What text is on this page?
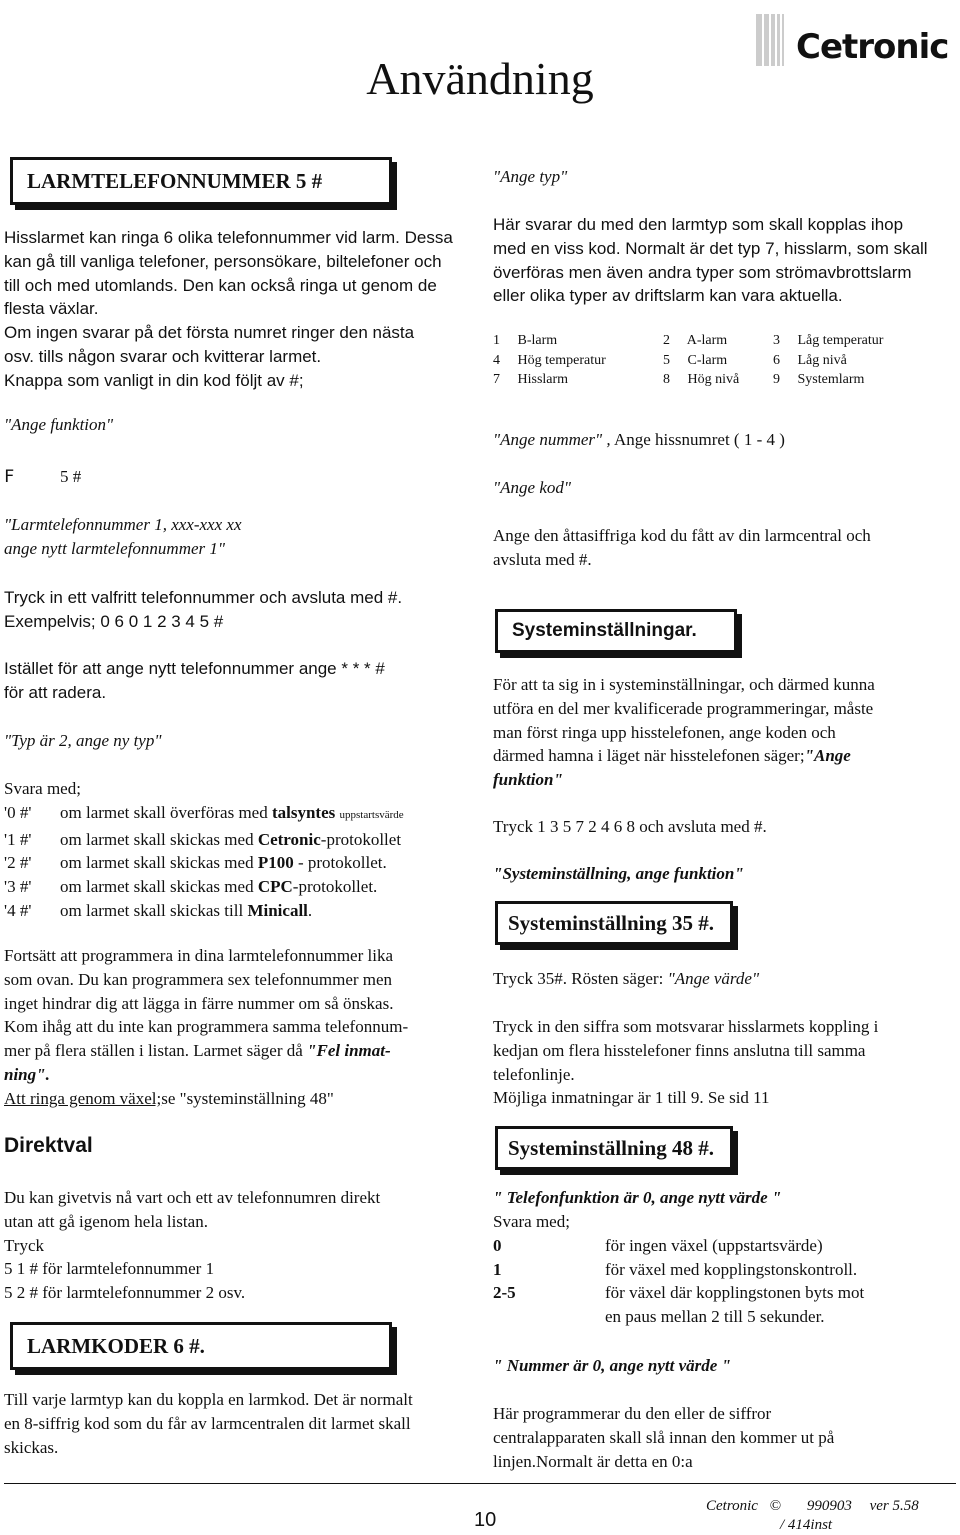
Cetronic
Användning
LARMTELEFONNUMMER 5 #

Hisslarmet kan ringa 6 olika telefonnummer vid larm. Dessa

kan gå till vanliga telefoner, personsökare, biltelefoner och

till och med utomlands. Den kan också ringa ut genom de

flesta växlar.

Om ingen svarar på det första numret ringer den nästa

osv. tills någon svarar och kvitterar larmet.

Knappa som vanligt in din kod följt av #;

"Ange funktion"
F	5 #

"Larmtelefonnummer 1, xxx-xxx xx

ange nytt larmtelefonnummer 1"

Tryck in ett valfritt telefonnummer och avsluta med #.

Exempelvis; 0 6 0 1 2 3 4 5 #

Istället för att ange nytt telefonnummer ange * * * #

för att radera.

"Typ är 2, ange ny typ"

Svara med;

'0 #'	om larmet skall överföras med talsyntes uppstartsvärde
'1 #'	om larmet skall skickas med Cetronic-protokollet
'2 #'	om larmet skall skickas med P100 - protokollet.
'3 #'	om larmet skall skickas med CPC-protokollet.
'4 #'	om larmet skall skickas till Minicall.

Fortsätt att programmera in dina larmtelefonnummer lika

som ovan. Du kan programmera sex telefonnummer men

inget hindrar dig att lägga in färre nummer om så önskas.

Kom ihåg att du inte kan programmera samma telefonnum-

mer på flera ställen i listan. Larmet säger då "Fel inmat-

ning".

Att ringa genom växel;se "systeminställning 48"

Direktval

Du kan givetvis nå vart och ett av telefonnumren direkt

utan att gå igenom hela listan.

Tryck

5 1 # för larmtelefonnummer 1

5 2 # för larmtelefonnummer 2 osv.

LARMKODER 6 #.

Till varje larmtyp kan du koppla en larmkod. Det är normalt

en 8-siffrig kod som du får av larmcentralen dit larmet skall

skickas.

"Ange typ"

Här svarar du med den larmtyp som skall kopplas ihop

med en viss kod. Normalt är det typ 7, hisslarm, som skall

överföras men även andra typer som strömavbrottslarm

eller olika typer av driftslarm kan vara aktuella.

1     B-larm	2     A-larm	3     Låg temperatur
4     Hög temperatur	5     C-larm	6     Låg nivå
7     Hisslarm	8     Hög nivå	9     Systemlarm
"Ange nummer" , Ange hissnumret ( 1 - 4 )
"Ange kod"

Ange den åttasiffriga kod du fått av din larmcentral och

avsluta med #.

Systeminställningar.

För att ta sig in i systeminställningar, och därmed kunna

utföra en del mer kvalificerade programmeringar, måste

man först ringa upp hisstelefonen, ange koden och

därmed hamna i läget när hisstelefonen säger;"Ange

funktion"

Tryck 1 3 5 7 2 4 6 8 och avsluta med #.
"Systeminställning, ange funktion"
Systeminställning 35 #.
Tryck 35#. Rösten säger: "Ange värde"

Tryck in den siffra som motsvarar hisslarmets koppling i

kedjan om flera hisstelefoner finns anslutna till samma

telefonlinje.

Möjliga inmatningar är 1 till 9. Se sid 11

Systeminställning 48 #.
" Telefonfunktion är 0, ange nytt värde "

Svara med;

0	för ingen växel (uppstartsvärde)
1	för växel med kopplingstonskontroll.
2-5	för växel där kopplingstonen byts mot
en paus mellan 2 till 5 sekunder.
" Nummer är 0, ange nytt värde "

Här programmerar du den eller de siffror

centralapparaten skall slå innan den kommer ut på

linjen.Normalt är detta en 0:a

10
Cetronic © 990903 ver 5.58
/ 414inst
